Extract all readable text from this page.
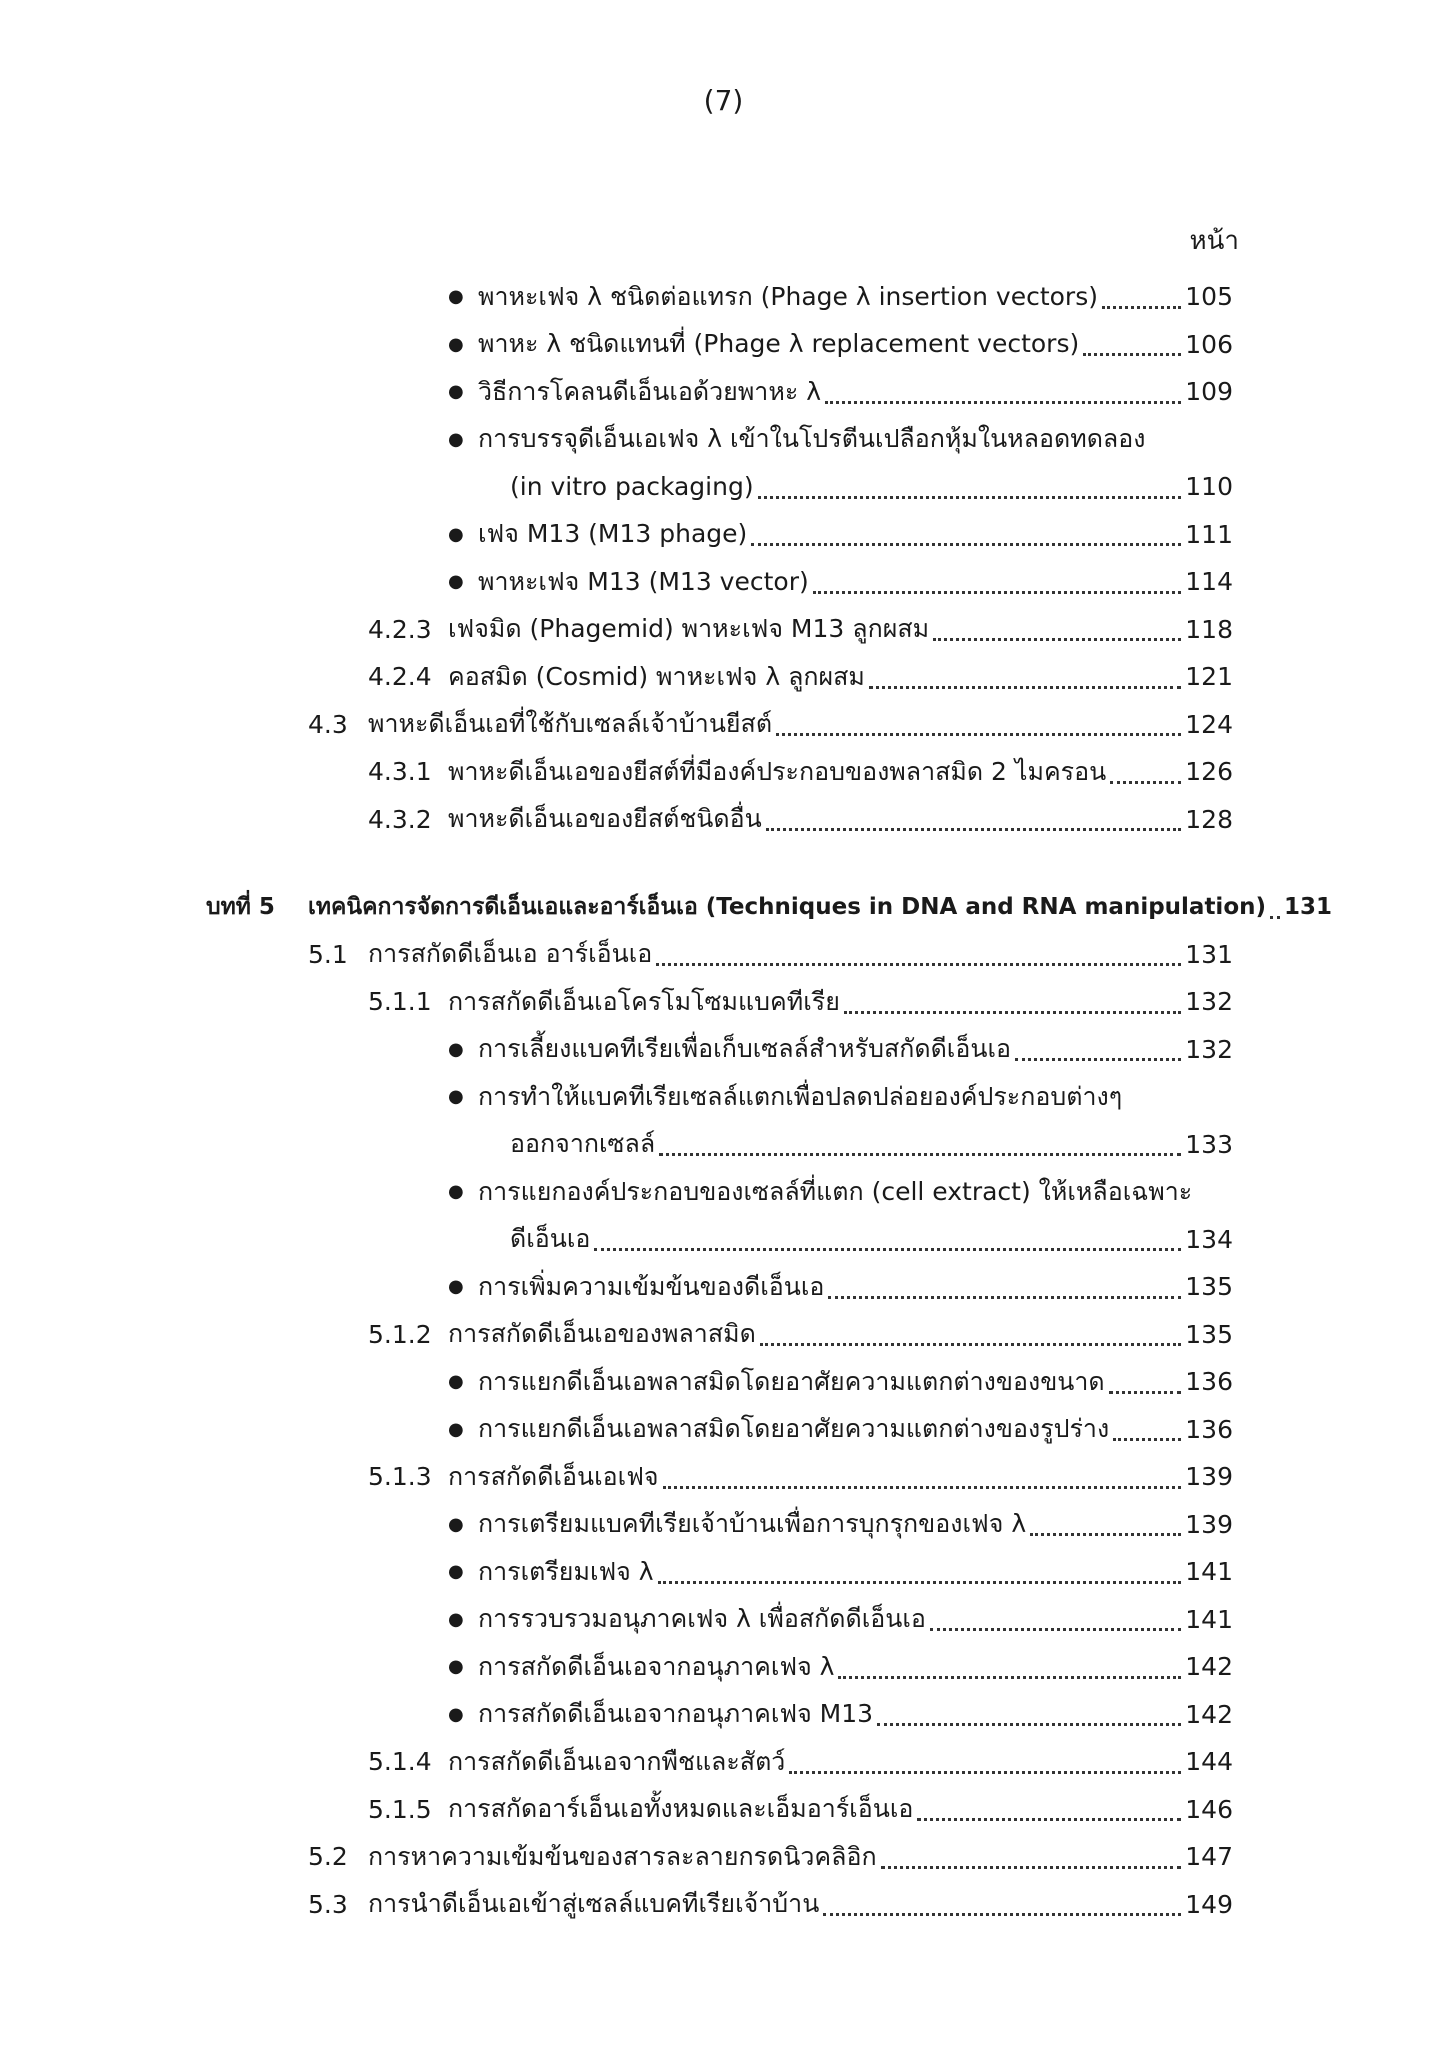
(7)
หน้า
● พาหะเฟจ λ ชนิดต่อแทรก (Phage λ insertion vectors)	105
● พาหะ λ ชนิดแทนที่ (Phage λ replacement vectors)	106
● วิธีการโคลนดีเอ็นเอด้วยพาหะ λ	109
● การบรรจุดีเอ็นเอเฟจ λ เข้าในโปรตีนเปลือกหุ้มในหลอดทดลอง
(in vitro packaging)	110
● เฟจ M13 (M13 phage)	111
● พาหะเฟจ M13 (M13 vector)	114
4.2.3 เฟจมิด (Phagemid) พาหะเฟจ M13 ลูกผสม	118
4.2.4 คอสมิด (Cosmid) พาหะเฟจ λ ลูกผสม	121
4.3 พาหะดีเอ็นเอที่ใช้กับเซลล์เจ้าบ้านยีสต์	124
4.3.1 พาหะดีเอ็นเอของยีสต์ที่มีองค์ประกอบของพลาสมิด 2 ไมครอน	126
4.3.2 พาหะดีเอ็นเอของยีสต์ชนิดอื่น	128
บทที่ 5	เทคนิคการจัดการดีเอ็นเอและอาร์เอ็นเอ (Techniques in DNA and RNA manipulation) 131
5.1 การสกัดดีเอ็นเอ อาร์เอ็นเอ	131
5.1.1 การสกัดดีเอ็นเอโครโมโซมแบคทีเรีย	132
● การเลี้ยงแบคทีเรียเพื่อเก็บเซลล์สำหรับสกัดดีเอ็นเอ	132
● การทำให้แบคทีเรียเซลล์แตกเพื่อปลดปล่อยองค์ประกอบต่างๆ
ออกจากเซลล์	133
● การแยกองค์ประกอบของเซลล์ที่แตก (cell extract) ให้เหลือเฉพาะ
ดีเอ็นเอ	134
● การเพิ่มความเข้มข้นของดีเอ็นเอ	135
5.1.2 การสกัดดีเอ็นเอของพลาสมิด	135
● การแยกดีเอ็นเอพลาสมิดโดยอาศัยความแตกต่างของขนาด	136
● การแยกดีเอ็นเอพลาสมิดโดยอาศัยความแตกต่างของรูปร่าง	136
5.1.3 การสกัดดีเอ็นเอเฟจ	139
● การเตรียมแบคทีเรียเจ้าบ้านเพื่อการบุกรุกของเฟจ λ	139
● การเตรียมเฟจ λ	141
● การรวบรวมอนุภาคเฟจ λ เพื่อสกัดดีเอ็นเอ	141
● การสกัดดีเอ็นเอจากอนุภาคเฟจ λ	142
● การสกัดดีเอ็นเอจากอนุภาคเฟจ M13	142
5.1.4 การสกัดดีเอ็นเอจากพืชและสัตว์	144
5.1.5 การสกัดอาร์เอ็นเอทั้งหมดและเอ็มอาร์เอ็นเอ	146
5.2 การหาความเข้มข้นของสารละลายกรดนิวคลิอิก	147
5.3 การนำดีเอ็นเอเข้าสู่เซลล์แบคทีเรียเจ้าบ้าน	149
